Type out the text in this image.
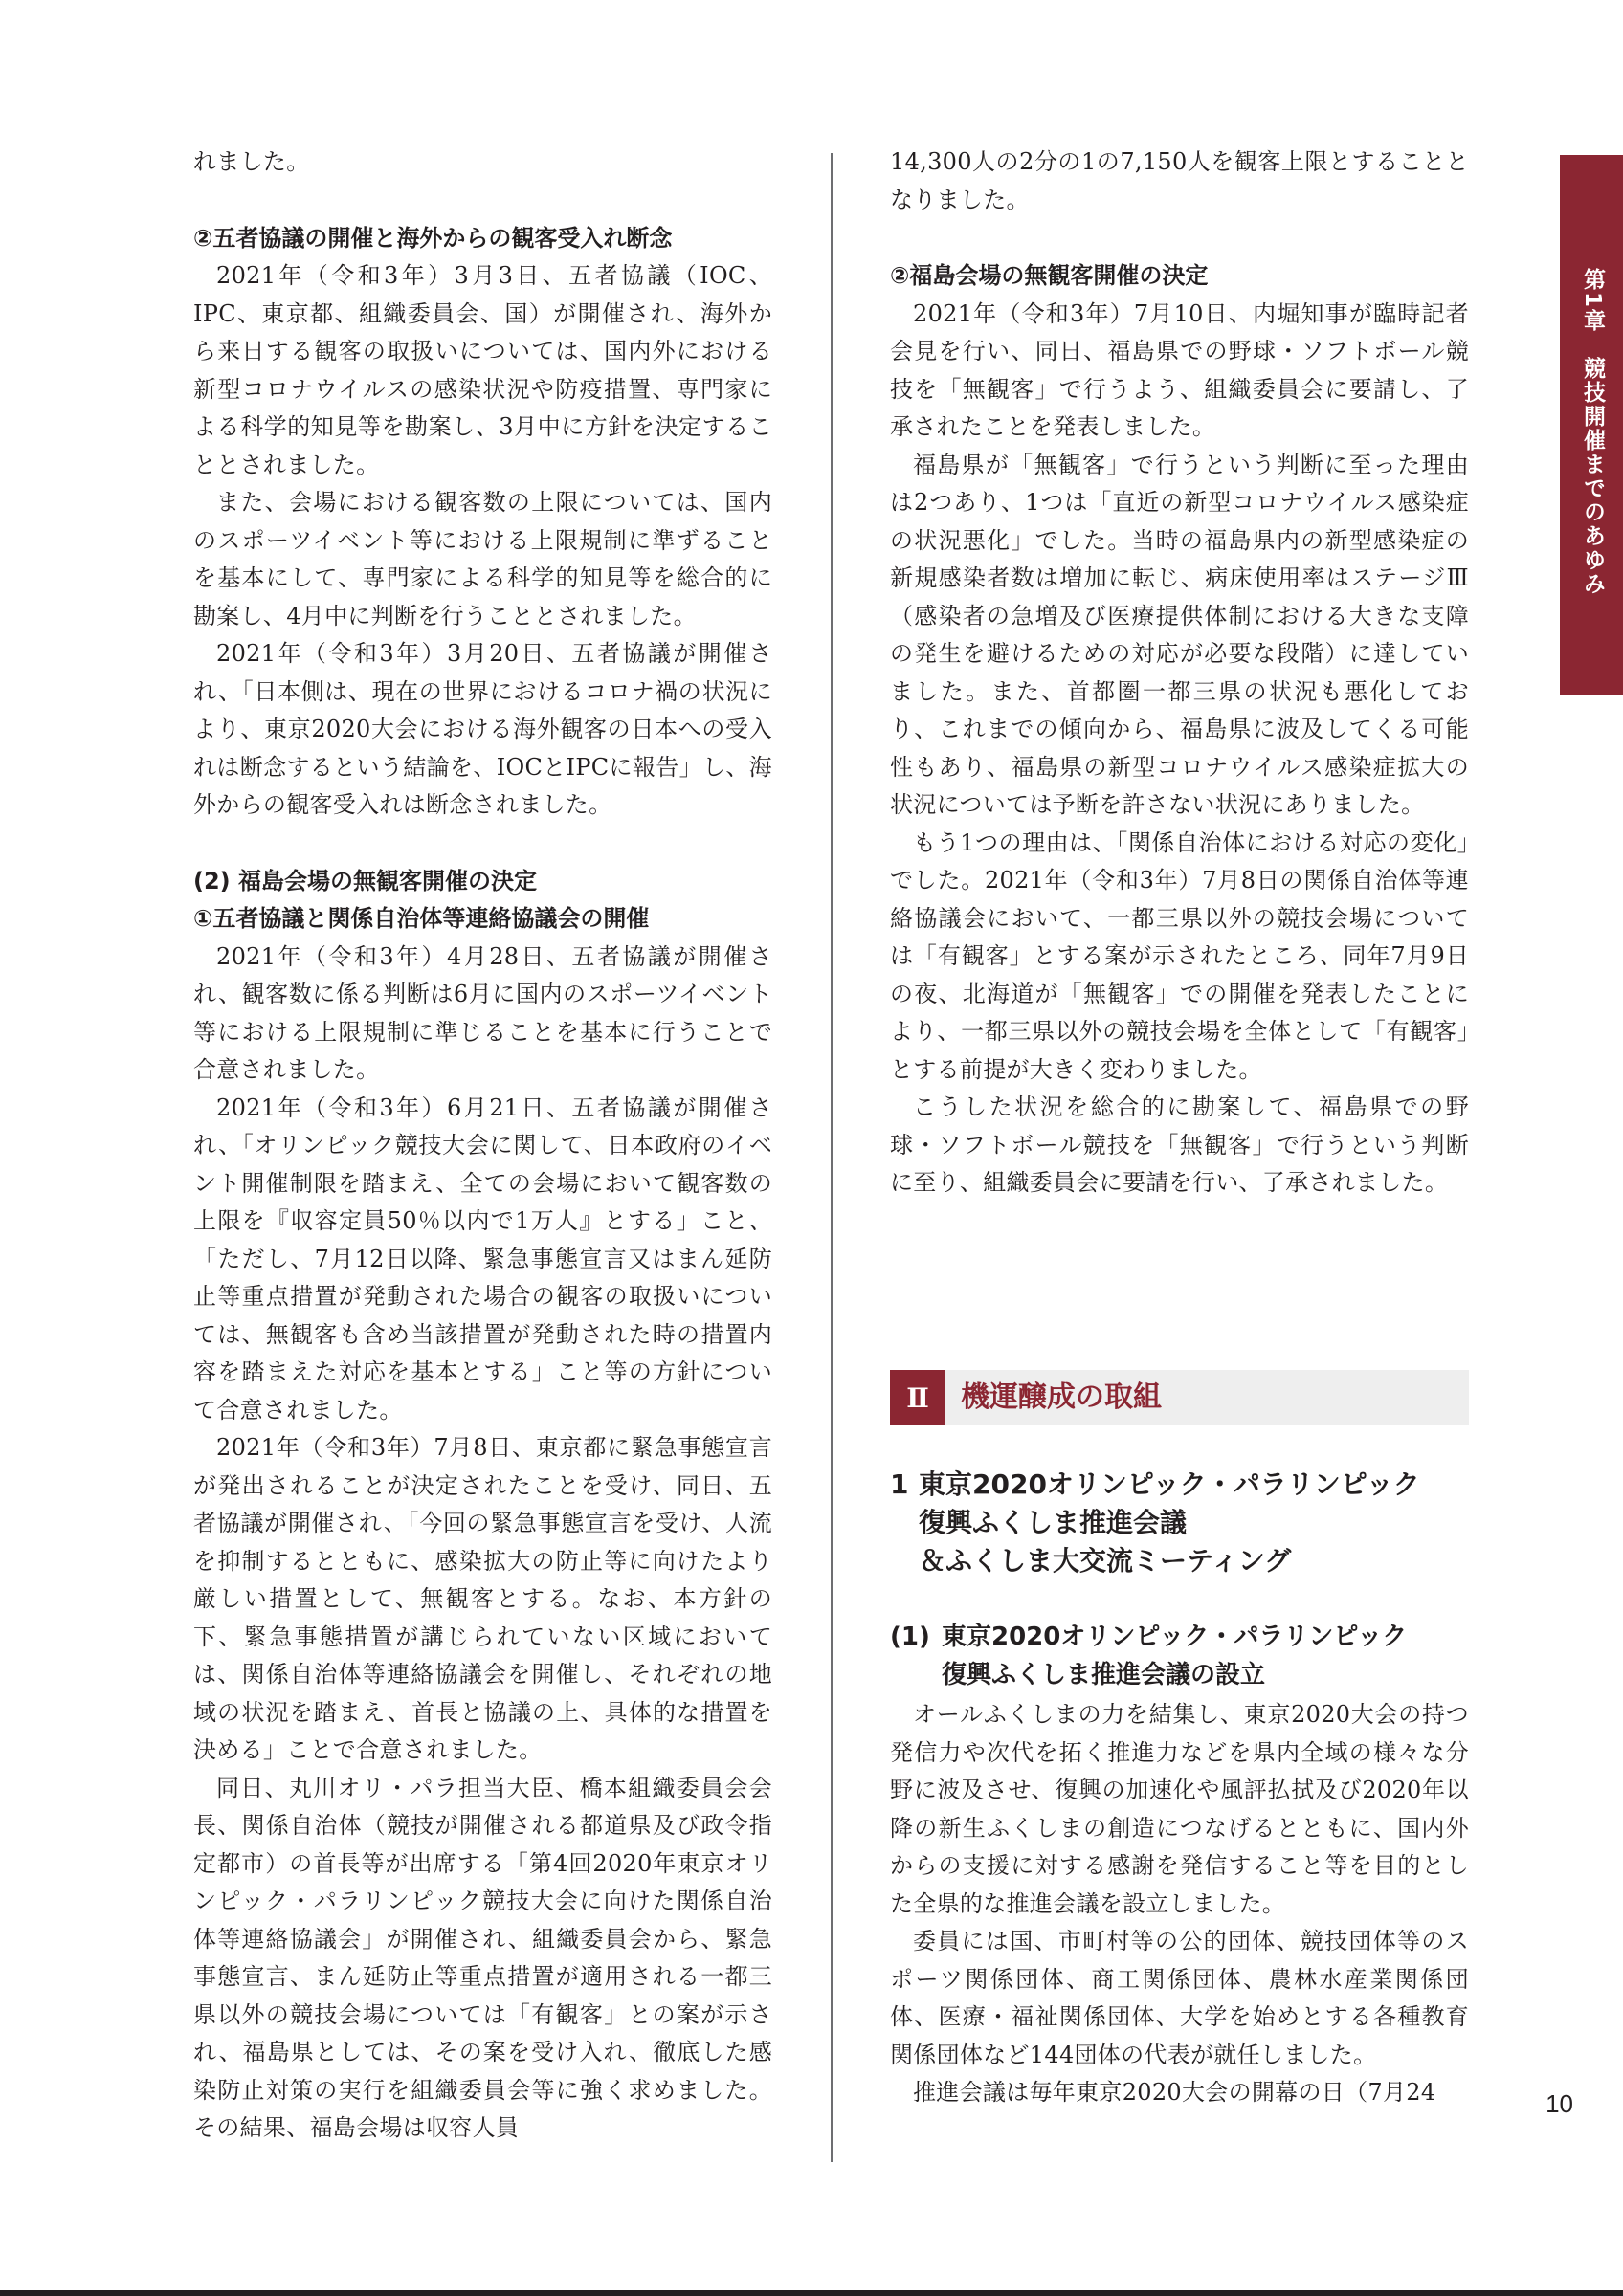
れました。

②五者協議の開催と海外からの観客受入れ断念

2021年（令和3年）3月3日、五者協議（IOC、IPC、東京都、組織委員会、国）が開催され、海外から来日する観客の取扱いについては、国内外における新型コロナウイルスの感染状況や防疫措置、専門家による科学的知見等を勘案し、3月中に方針を決定することとされました。

また、会場における観客数の上限については、国内のスポーツイベント等における上限規制に準ずることを基本にして、専門家による科学的知見等を総合的に勘案し、4月中に判断を行うこととされました。

2021年（令和3年）3月20日、五者協議が開催され、「日本側は、現在の世界におけるコロナ禍の状況により、東京2020大会における海外観客の日本への受入れは断念するという結論を、IOCとIPCに報告」し、海外からの観客受入れは断念されました。

(2) 福島会場の無観客開催の決定
①五者協議と関係自治体等連絡協議会の開催

2021年（令和3年）4月28日、五者協議が開催され、観客数に係る判断は6月に国内のスポーツイベント等における上限規制に準じることを基本に行うことで合意されました。

2021年（令和3年）6月21日、五者協議が開催され、「オリンピック競技大会に関して、日本政府のイベント開催制限を踏まえ、全ての会場において観客数の上限を『収容定員50％以内で1万人』とする」こと、「ただし、7月12日以降、緊急事態宣言又はまん延防止等重点措置が発動された場合の観客の取扱いについては、無観客も含め当該措置が発動された時の措置内容を踏まえた対応を基本とする」こと等の方針について合意されました。

2021年（令和3年）7月8日、東京都に緊急事態宣言が発出されることが決定されたことを受け、同日、五者協議が開催され、「今回の緊急事態宣言を受け、人流を抑制するとともに、感染拡大の防止等に向けたより厳しい措置として、無観客とする。なお、本方針の下、緊急事態措置が講じられていない区域においては、関係自治体等連絡協議会を開催し、それぞれの地域の状況を踏まえ、首長と協議の上、具体的な措置を決める」ことで合意されました。

同日、丸川オリ・パラ担当大臣、橋本組織委員会会長、関係自治体（競技が開催される都道県及び政令指定都市）の首長等が出席する「第4回2020年東京オリンピック・パラリンピック競技大会に向けた関係自治体等連絡協議会」が開催され、組織委員会から、緊急事態宣言、まん延防止等重点措置が適用される一都三県以外の競技会場については「有観客」との案が示され、福島県としては、その案を受け入れ、徹底した感染防止対策の実行を組織委員会等に強く求めました。その結果、福島会場は収容人員

14,300人の2分の1の7,150人を観客上限とすることとなりました。

②福島会場の無観客開催の決定

2021年（令和3年）7月10日、内堀知事が臨時記者会見を行い、同日、福島県での野球・ソフトボール競技を「無観客」で行うよう、組織委員会に要請し、了承されたことを発表しました。

福島県が「無観客」で行うという判断に至った理由は2つあり、1つは「直近の新型コロナウイルス感染症の状況悪化」でした。当時の福島県内の新型感染症の新規感染者数は増加に転じ、病床使用率はステージⅢ（感染者の急増及び医療提供体制における大きな支障の発生を避けるための対応が必要な段階）に達していました。また、首都圏一都三県の状況も悪化しており、これまでの傾向から、福島県に波及してくる可能性もあり、福島県の新型コロナウイルス感染症拡大の状況については予断を許さない状況にありました。

もう1つの理由は、「関係自治体における対応の変化」でした。2021年（令和3年）7月8日の関係自治体等連絡協議会において、一都三県以外の競技会場については「有観客」とする案が示されたところ、同年7月9日の夜、北海道が「無観客」での開催を発表したことにより、一都三県以外の競技会場を全体として「有観客」とする前提が大きく変わりました。

こうした状況を総合的に勘案して、福島県での野球・ソフトボール競技を「無観客」で行うという判断に至り、組織委員会に要請を行い、了承されました。

Ⅱ	機運醸成の取組
1 東京2020オリンピック・パラリンピック
復興ふくしま推進会議
＆ふくしま大交流ミーティング
(1) 東京2020オリンピック・パラリンピック
復興ふくしま推進会議の設立

オールふくしまの力を結集し、東京2020大会の持つ発信力や次代を拓く推進力などを県内全域の様々な分野に波及させ、復興の加速化や風評払拭及び2020年以降の新生ふくしまの創造につなげるとともに、国内外からの支援に対する感謝を発信すること等を目的とした全県的な推進会議を設立しました。

委員には国、市町村等の公的団体、競技団体等のスポーツ関係団体、商工関係団体、農林水産業関係団体、医療・福祉関係団体、大学を始めとする各種教育関係団体など144団体の代表が就任しました。

推進会議は毎年東京2020大会の開幕の日（7月24

第1章　競技開催までのあゆみ
10
